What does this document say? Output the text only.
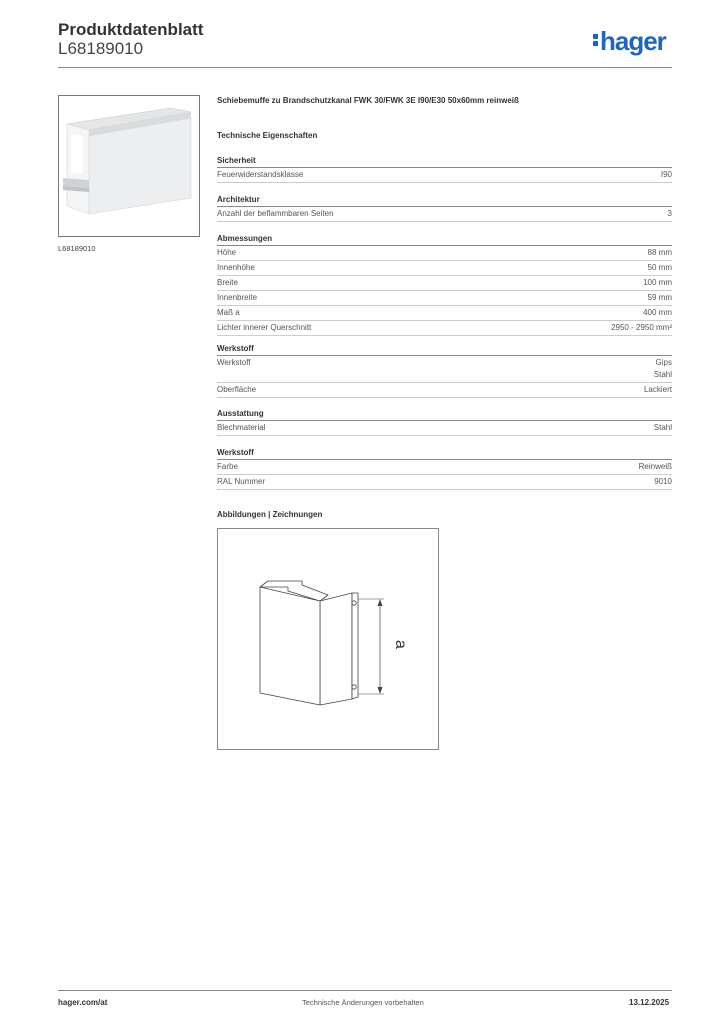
Produktdatenblatt
L68189010	hager
L68189010
Schiebemuffe zu Brandschutzkanal FWK 30/FWK 3E I90/E30 50x60mm reinweiß
Technische Eigenschaften
Sicherheit
Feuerwiderstandsklasse	I90
Architektur
Anzahl der beflammbaren Seiten	3
Abmessungen
Höhe	88 mm
Innenhöhe	50 mm
Breite	100 mm
Innenbreite	59 mm
Maß a	400 mm
Lichter innerer Querschnitt	2950 - 2950 mm²
Werkstoff
Werkstoff	Gips
Stahl
Oberfläche	Lackiert
Ausstattung
Blechmaterial	Stahl
Werkstoff
Farbe	Reinweiß
RAL Nummer	9010
Abbildungen | Zeichnungen
a
hager.com/at	Technische Änderungen vorbehalten	13.12.2025
